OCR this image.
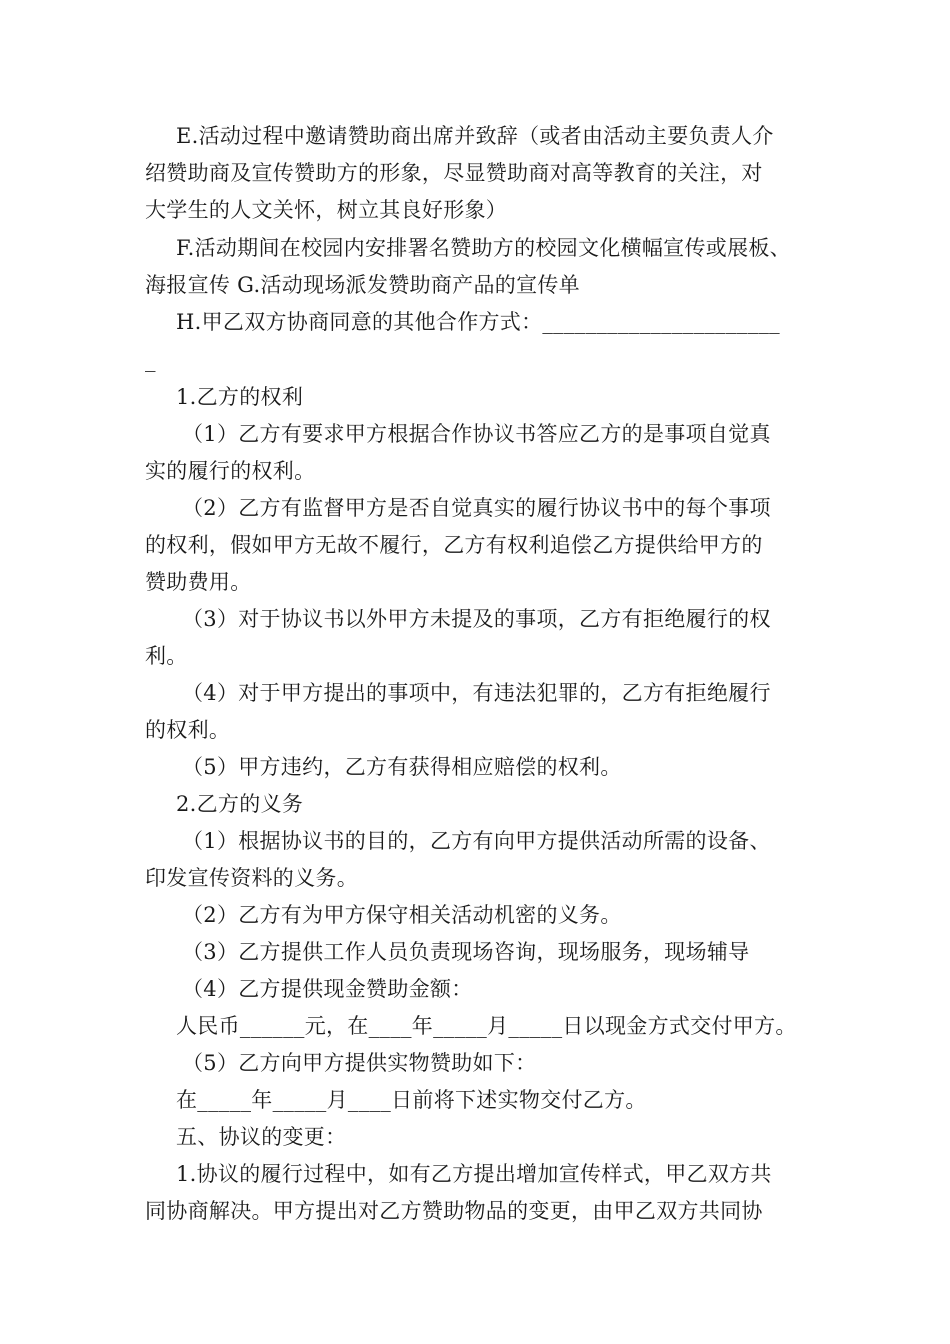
E.活动过程中邀请赞助商出席并致辞（或者由活动主要负责人介
绍赞助商及宣传赞助方的形象，尽显赞助商对高等教育的关注，对
大学生的人文关怀，树立其良好形象）
F.活动期间在校园内安排署名赞助方的校园文化横幅宣传或展板、
海报宣传 G.活动现场派发赞助商产品的宣传单
H.甲乙双方协商同意的其他合作方式：______________________
_
1.乙方的权利
（1）乙方有要求甲方根据合作协议书答应乙方的是事项自觉真
实的履行的权利。
（2）乙方有监督甲方是否自觉真实的履行协议书中的每个事项
的权利，假如甲方无故不履行，乙方有权利追偿乙方提供给甲方的
赞助费用。
（3）对于协议书以外甲方未提及的事项，乙方有拒绝履行的权
利。
（4）对于甲方提出的事项中，有违法犯罪的，乙方有拒绝履行
的权利。
（5）甲方违约，乙方有获得相应赔偿的权利。
2.乙方的义务
（1）根据协议书的目的，乙方有向甲方提供活动所需的设备、
印发宣传资料的义务。
（2）乙方有为甲方保守相关活动机密的义务。
（3）乙方提供工作人员负责现场咨询，现场服务，现场辅导
（4）乙方提供现金赞助金额：
人民币______元，在____年_____月_____日以现金方式交付甲方。
（5）乙方向甲方提供实物赞助如下：
在_____年_____月____日前将下述实物交付乙方。
五、协议的变更：
1.协议的履行过程中，如有乙方提出增加宣传样式，甲乙双方共
同协商解决。甲方提出对乙方赞助物品的变更，由甲乙双方共同协
